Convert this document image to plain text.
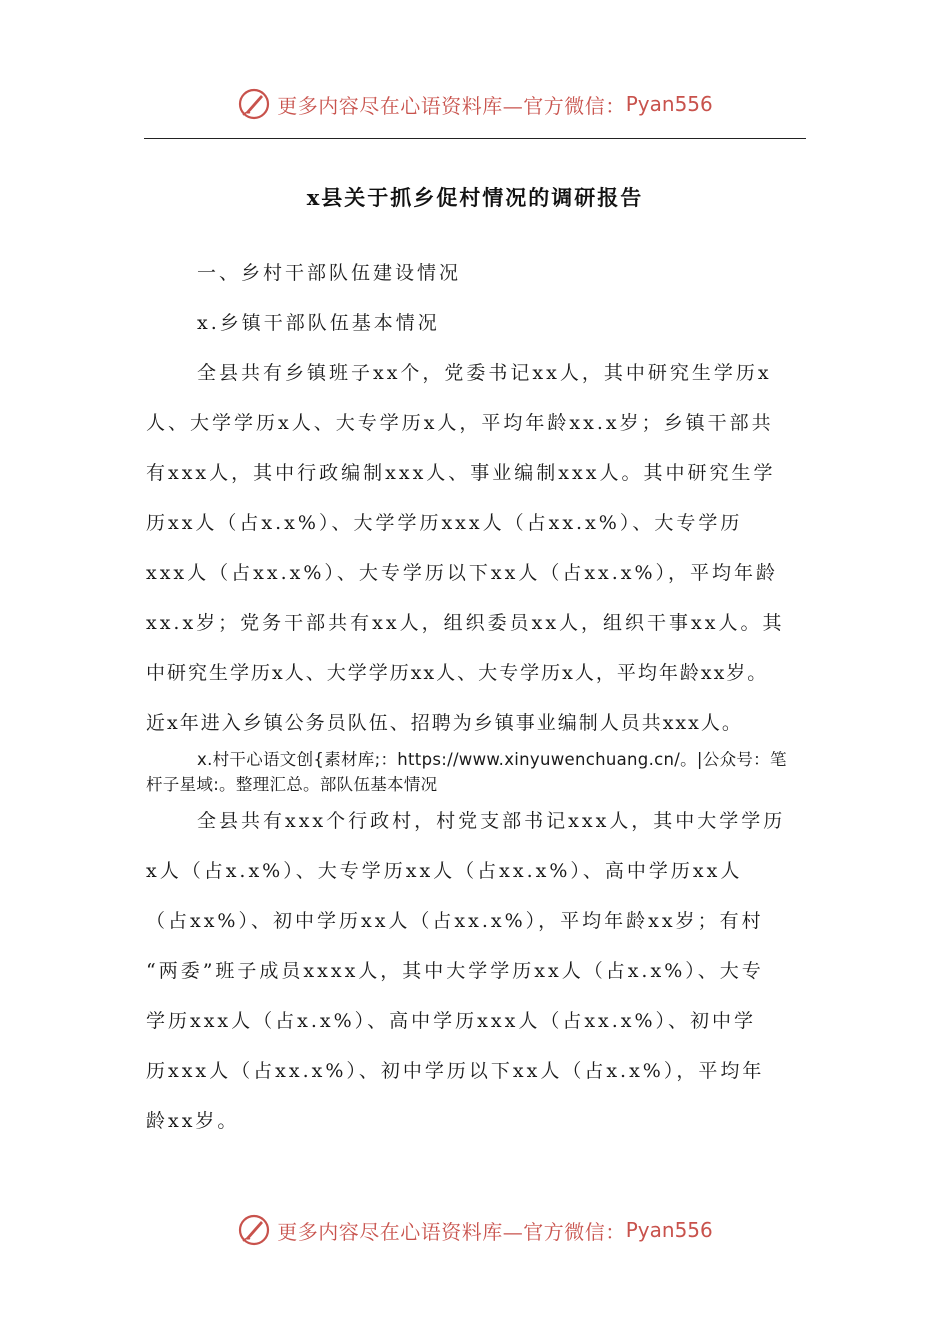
更多内容尽在心语资料库—官方微信： Pyan556
x县关于抓乡促村情况的调研报告
一、乡村干部队伍建设情况
x.乡镇干部队伍基本情况
全县共有乡镇班子xx个，党委书记xx人，其中研究生学历x
人、大学学历x人、大专学历x人，平均年龄xx.x岁；乡镇干部共
有xxx人，其中行政编制xxx人、事业编制xxx人。其中研究生学
历xx人（占x.x%）、大学学历xxx人（占xx.x%）、大专学历
xxx人（占xx.x%）、大专学历以下xx人（占xx.x%），平均年龄
xx.x岁；党务干部共有xx人，组织委员xx人，组织干事xx人。其
中研究生学历x人、大学学历xx人、大专学历x人，平均年龄xx岁。
近x年进入乡镇公务员队伍、招聘为乡镇事业编制人员共xxx人。
x.村干心语文创{素材库;：https://www.xinyuwenchuang.cn/。|公众号：笔
杆子星域:。整理汇总。部队伍基本情况
全县共有xxx个行政村，村党支部书记xxx人，其中大学学历
x人（占x.x%）、大专学历xx人（占xx.x%）、高中学历xx人
（占xx%）、初中学历xx人（占xx.x%），平均年龄xx岁；有村
“两委”班子成员xxxx人，其中大学学历xx人（占x.x%）、大专
学历xxx人（占x.x%）、高中学历xxx人（占xx.x%）、初中学
历xxx人（占xx.x%）、初中学历以下xx人（占x.x%），平均年
龄xx岁。
更多内容尽在心语资料库—官方微信： Pyan556
